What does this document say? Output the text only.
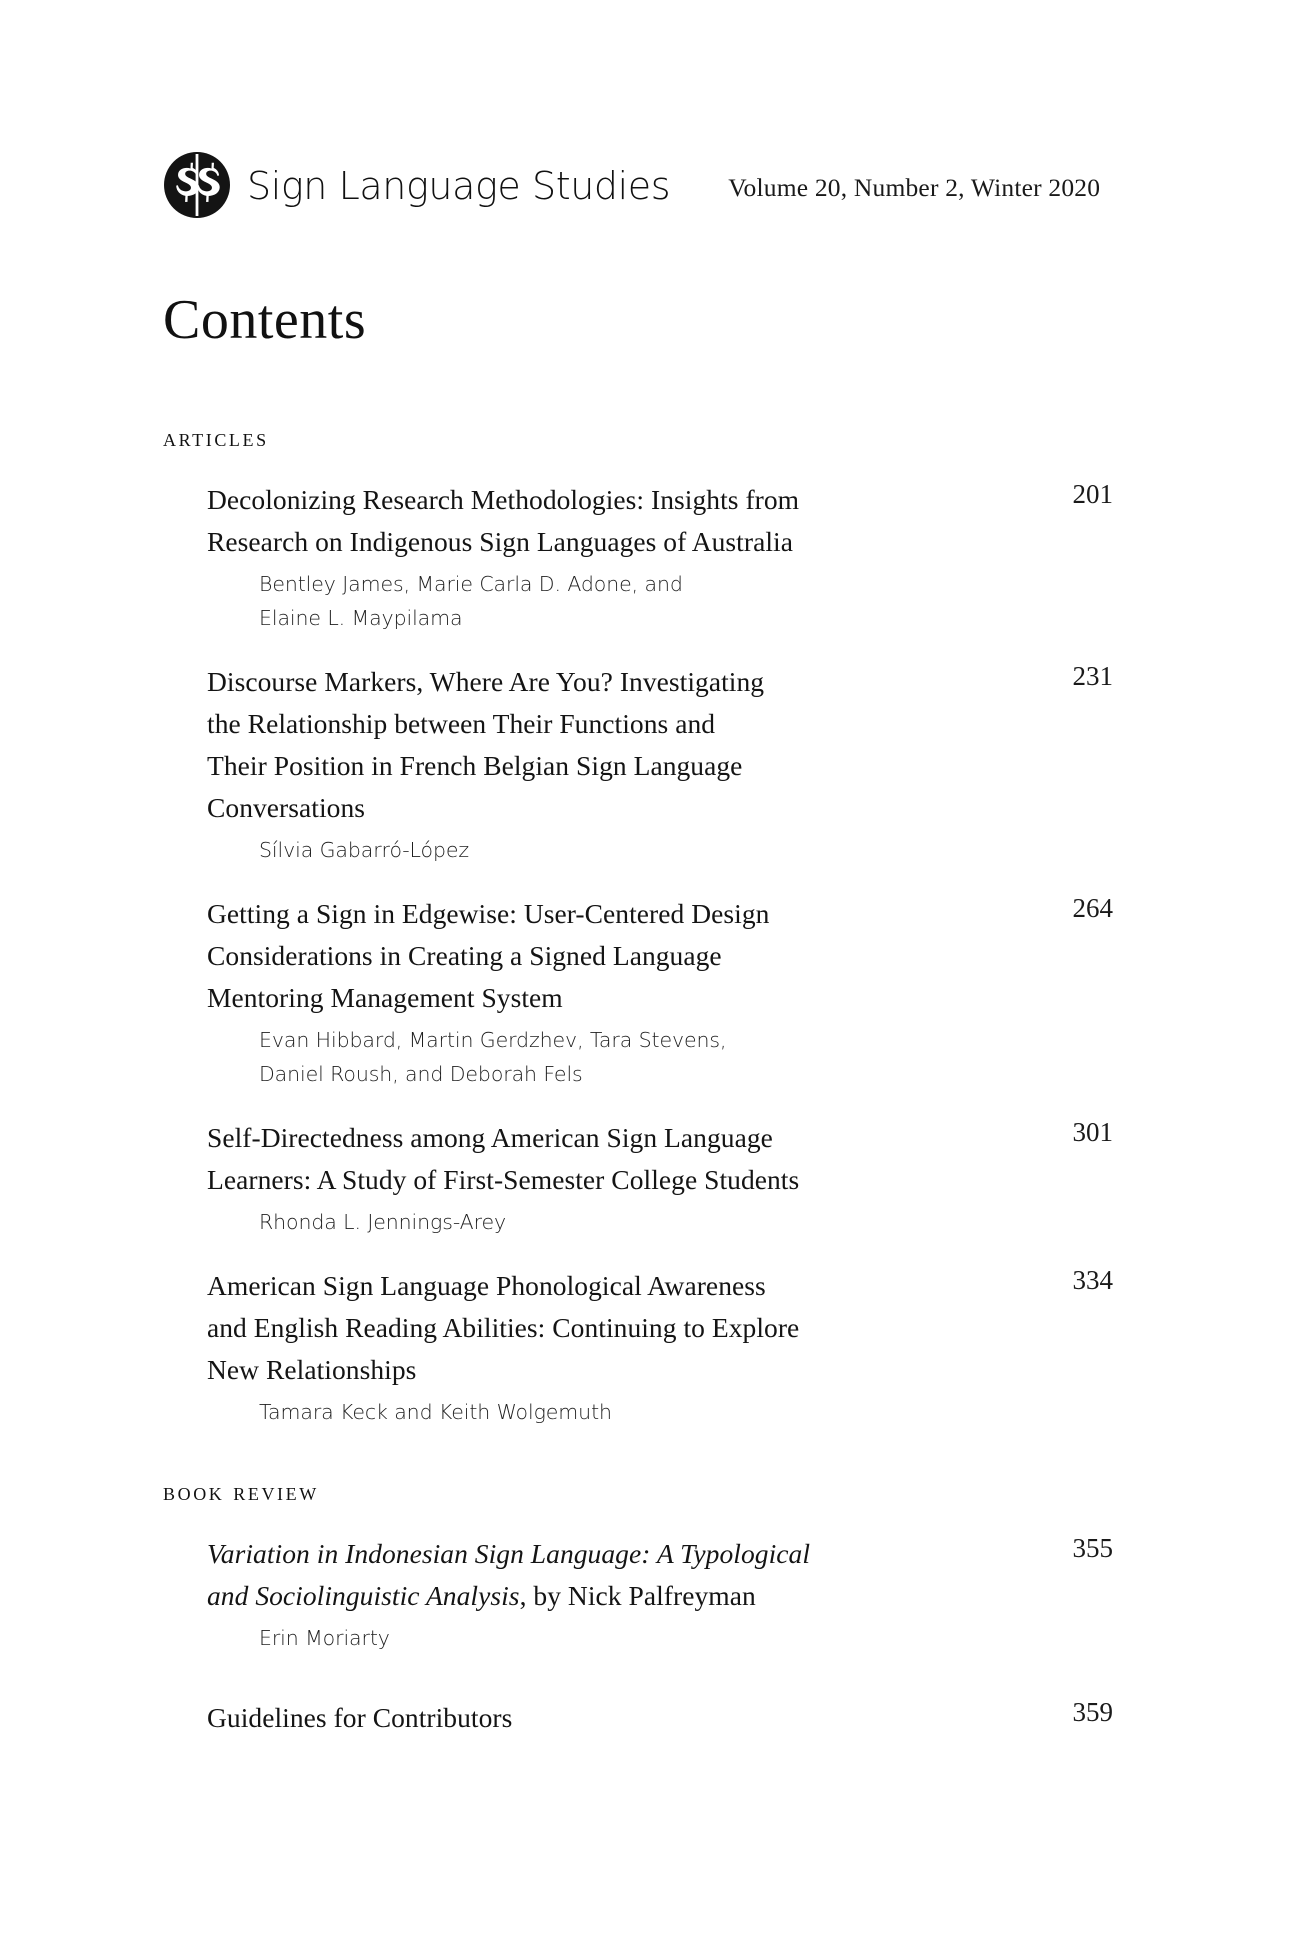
Sign Language Studies Volume 20, Number 2, Winter 2020
Contents
articles
Decolonizing Research Methodologies: Insights from
Research on Indigenous Sign Languages of Australia
Bentley James, Marie Carla D. Adone, and
Elaine L. Maypilama
201
Discourse Markers, Where Are You? Investigating
the Relationship between Their Functions and
Their Position in French Belgian Sign Language
Conversations
Sílvia Gabarró-López
231
Getting a Sign in Edgewise: User-Centered Design
Considerations in Creating a Signed Language
Mentoring Management System
Evan Hibbard, Martin Gerdzhev, Tara Stevens,
Daniel Roush, and Deborah Fels
264
Self-Directedness among American Sign Language
Learners: A Study of First-Semester College Students
Rhonda L. Jennings-Arey
301
American Sign Language Phonological Awareness
and English Reading Abilities: Continuing to Explore
New Relationships
Tamara Keck and Keith Wolgemuth
334
book review
Variation in Indonesian Sign Language: A Typological
and Sociolinguistic Analysis, by Nick Palfreyman
Erin Moriarty
355
Guidelines for Contributors	359
